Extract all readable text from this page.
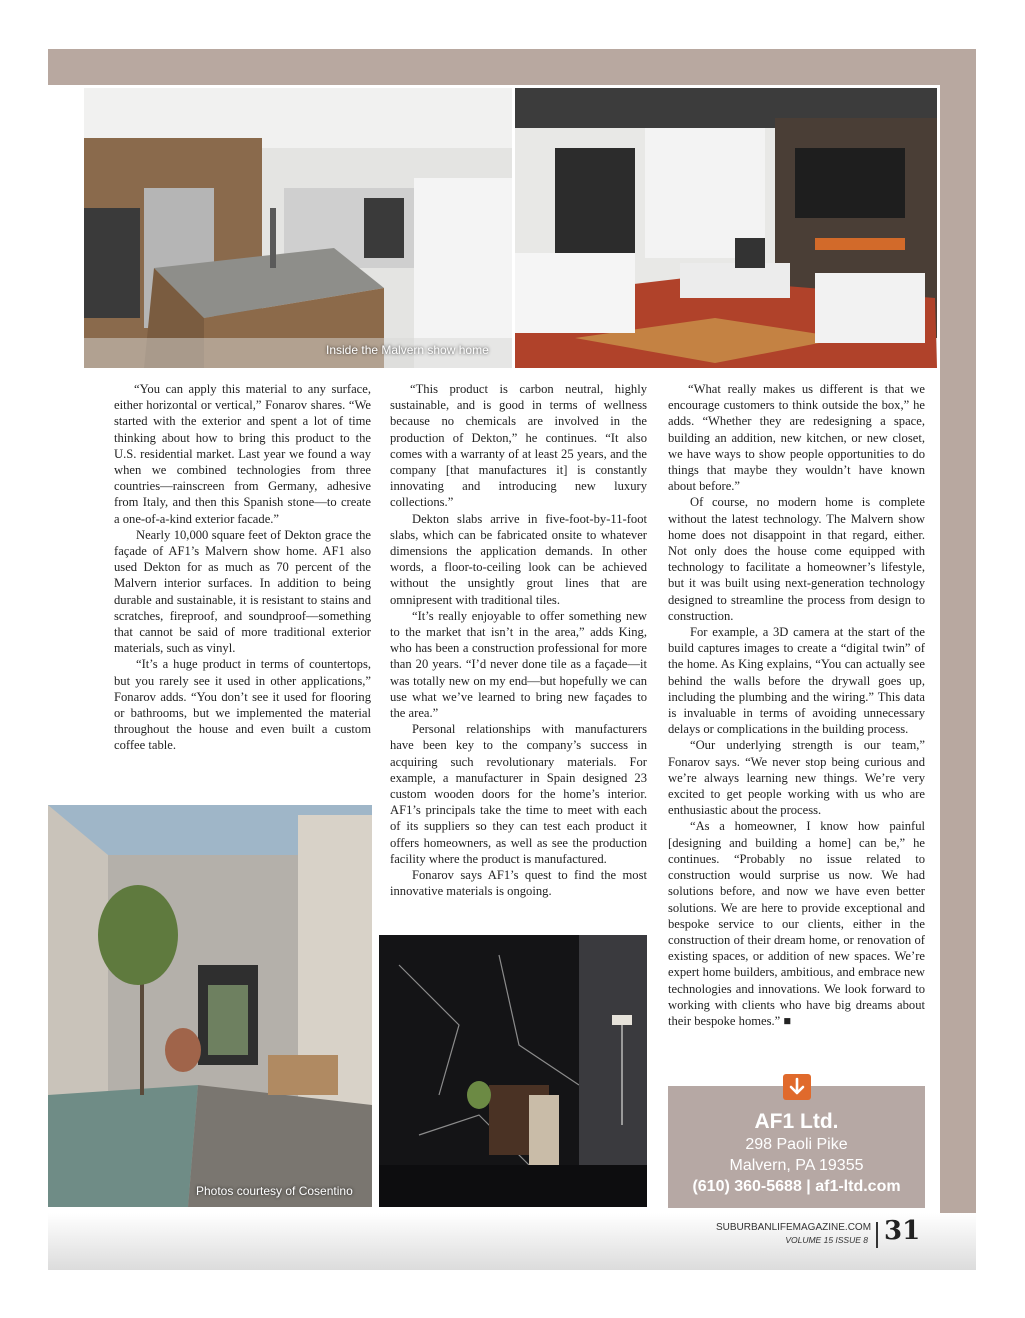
Inside the Malvern show home

“You can apply this material to any surface, either horizontal or vertical,” Fonarov shares. “We started with the exterior and spent a lot of time thinking about how to bring this product to the U.S. residential market. Last year we found a way when we combined technologies from three countries—rainscreen from Germany, adhesive from Italy, and then this Spanish stone—to create a one-of-a-kind exterior facade.”

Nearly 10,000 square feet of Dekton grace the façade of AF1’s Malvern show home. AF1 also used Dekton for as much as 70 percent of the Malvern interior surfaces. In addition to being durable and sustainable, it is resistant to stains and scratches, fireproof, and soundproof—something that cannot be said of more traditional exterior materials, such as vinyl.

“It’s a huge product in terms of countertops, but you rarely see it used in other applications,” Fonarov adds. “You don’t see it used for flooring or bathrooms, but we implemented the material throughout the house and even built a custom coffee table.

“This product is carbon neutral, highly sustainable, and is good in terms of wellness because no chemicals are involved in the production of Dekton,” he continues. “It also comes with a warranty of at least 25 years, and the company [that manufactures it] is constantly innovating and introducing new luxury collections.”

Dekton slabs arrive in five-foot-by-11-foot slabs, which can be fabricated onsite to whatever dimensions the application demands. In other words, a floor-to-ceiling look can be achieved without the unsightly grout lines that are omnipresent with traditional tiles.

“It’s really enjoyable to offer something new to the market that isn’t in the area,” adds King, who has been a construction professional for more than 20 years. “I’d never done tile as a façade—it was totally new on my end—but hopefully we can use what we’ve learned to bring new façades to the area.”

Personal relationships with manufacturers have been key to the company’s success in acquiring such revolutionary materials. For example, a manufacturer in Spain designed 23 custom wooden doors for the home’s interior. AF1’s principals take the time to meet with each of its suppliers so they can test each product it offers homeowners, as well as see the production facility where the product is manufactured.

Fonarov says AF1’s quest to find the most innovative materials is ongoing.

“What really makes us different is that we encourage customers to think outside the box,” he adds. “Whether they are redesigning a space, building an addition, new kitchen, or new closet, we have ways to show people opportunities to do things that maybe they wouldn’t have known about before.”

Of course, no modern home is complete without the latest technology. The Malvern show home does not disappoint in that regard, either. Not only does the house come equipped with technology to facilitate a homeowner’s lifestyle, but it was built using next-generation technology designed to streamline the process from design to construction.

For example, a 3D camera at the start of the build captures images to create a “digital twin” of the home. As King explains, “You can actually see behind the walls before the drywall goes up, including the plumbing and the wiring.” This data is invaluable in terms of avoiding unnecessary delays or complications in the building process.

“Our underlying strength is our team,” Fonarov says. “We never stop being curious and we’re always learning new things. We’re very excited to get people working with us who are enthusiastic about the process.

“As a homeowner, I know how painful [designing and building a home] can be,” he continues. “Probably no issue related to construction would surprise us now. We had solutions before, and now we have even better solutions. We are here to provide exceptional and bespoke service to our clients, either in the construction of their dream home, or renovation of existing spaces, or addition of new spaces. We’re expert home builders, ambitious, and embrace new technologies and innovations. We look forward to working with clients who have big dreams about their bespoke homes.” ■

Photos courtesy of Cosentino
AF1 Ltd.
298 Paoli Pike
Malvern, PA 19355
(610) 360-5688 | af1-ltd.com
SUBURBANLIFEMAGAZINE.COM
VOLUME 15 ISSUE 8 31
